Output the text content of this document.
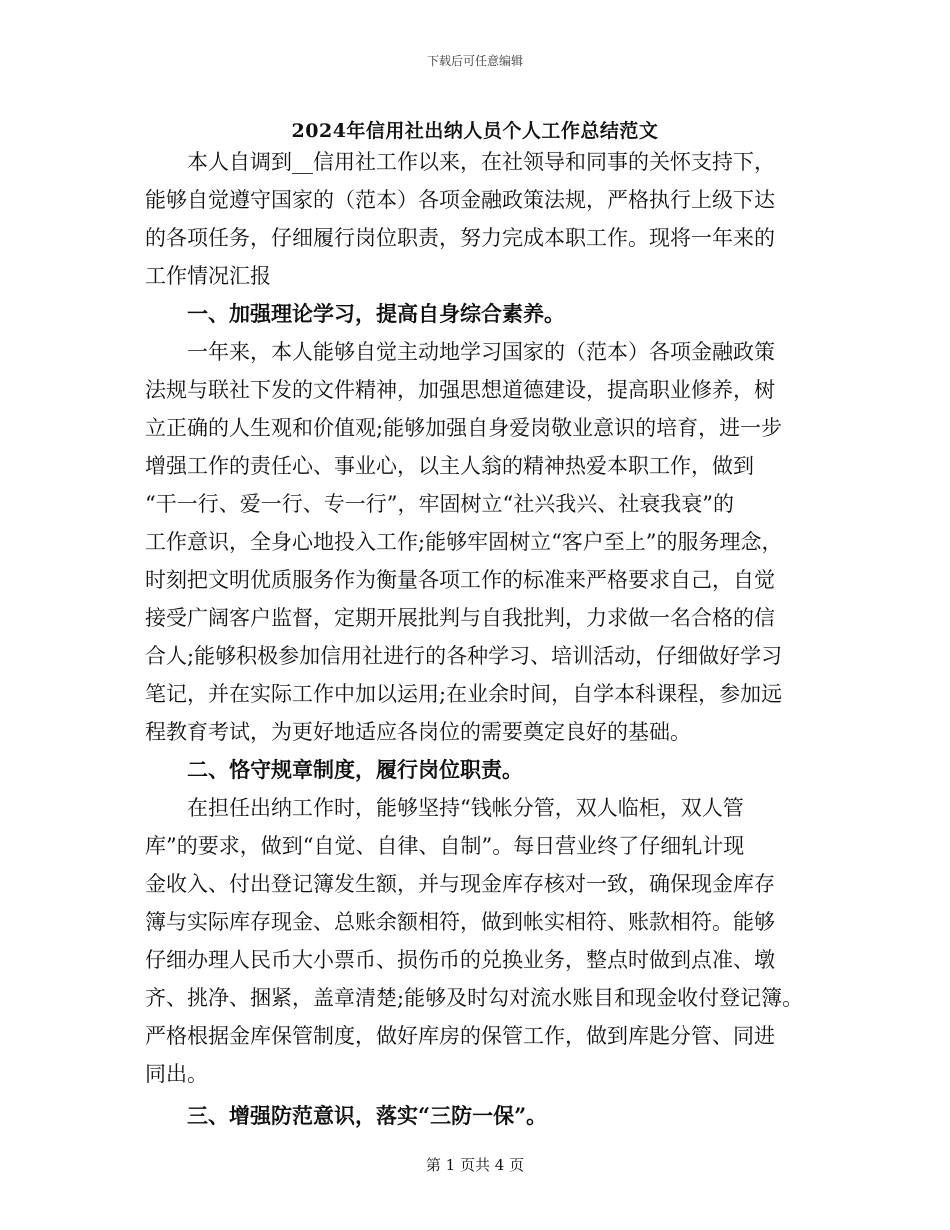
下载后可任意编辑
2024年信用社出纳人员个人工作总结范文
本人自调到__信用社工作以来，在社领导和同事的关怀支持下，
能够自觉遵守国家的（范本）各项金融政策法规，严格执行上级下达
的各项任务，仔细履行岗位职责，努力完成本职工作。现将一年来的
工作情况汇报
一、加强理论学习，提高自身综合素养。
一年来，本人能够自觉主动地学习国家的（范本）各项金融政策
法规与联社下发的文件精神，加强思想道德建设，提高职业修养，树
立正确的人生观和价值观;能够加强自身爱岗敬业意识的培育，进一步
增强工作的责任心、事业心，以主人翁的精神热爱本职工作，做到
“干一行、爱一行、专一行”，牢固树立“社兴我兴、社衰我衰”的
工作意识，全身心地投入工作;能够牢固树立“客户至上”的服务理念，
时刻把文明优质服务作为衡量各项工作的标准来严格要求自己，自觉
接受广阔客户监督，定期开展批判与自我批判，力求做一名合格的信
合人;能够积极参加信用社进行的各种学习、培训活动，仔细做好学习
笔记，并在实际工作中加以运用;在业余时间，自学本科课程，参加远
程教育考试，为更好地适应各岗位的需要奠定良好的基础。
二、恪守规章制度，履行岗位职责。
在担任出纳工作时，能够坚持“钱帐分管，双人临柜，双人管
库”的要求，做到“自觉、自律、自制”。每日营业终了仔细轧计现
金收入、付出登记簿发生额，并与现金库存核对一致，确保现金库存
簿与实际库存现金、总账余额相符，做到帐实相符、账款相符。能够
仔细办理人民币大小票币、损伤币的兑换业务，整点时做到点准、墩
齐、挑净、捆紧，盖章清楚;能够及时勾对流水账目和现金收付登记簿。
严格根据金库保管制度，做好库房的保管工作，做到库匙分管、同进
同出。
三、增强防范意识，落实“三防一保”。
第 1 页共 4 页
